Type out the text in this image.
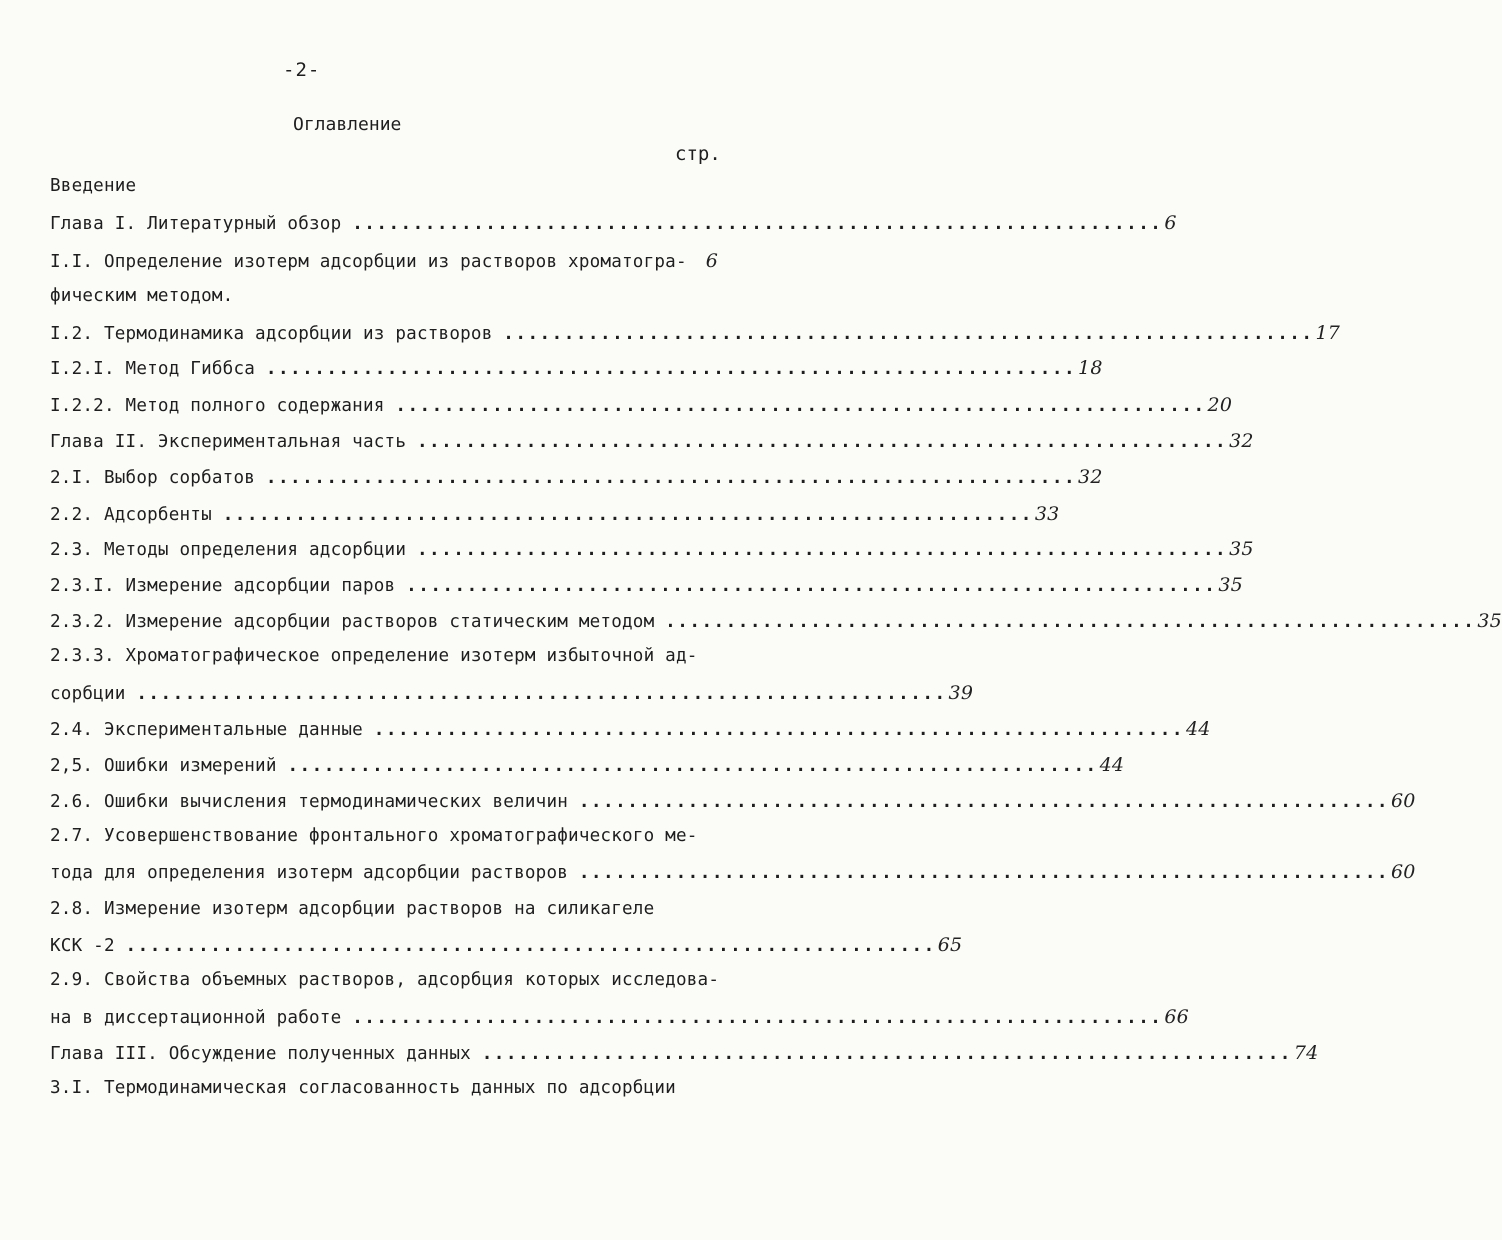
-2-
Оглавление
стр.
Введение
Глава I. Литературный обзор ................................................................... 6
I.I. Определение изотерм адсорбции из растворов хроматогра- 6
фическим методом.
I.2. Термодинамика адсорбции из растворов ................................................................... 17
I.2.I. Метод Гиббса ................................................................... 18
I.2.2. Метод полного содержания ................................................................... 20
Глава II. Экспериментальная часть ................................................................... 32
2.I. Выбор сорбатов ................................................................... 32
2.2. Адсорбенты ................................................................... 33
2.3. Методы определения адсорбции ................................................................... 35
2.3.I. Измерение адсорбции паров ................................................................... 35
2.3.2. Измерение адсорбции растворов статическим методом ................................................................... 35
2.3.3. Хроматографическое определение изотерм избыточной ад-
сорбции ................................................................... 39
2.4. Экспериментальные данные ................................................................... 44
2,5. Ошибки измерений ................................................................... 44
2.6. Ошибки вычисления термодинамических величин ................................................................... 60
2.7. Усовершенствование фронтального хроматографического ме-
тода для определения изотерм адсорбции растворов ................................................................... 60
2.8. Измерение изотерм адсорбции растворов на силикагеле
КСК -2 ................................................................... 65
2.9. Свойства объемных растворов, адсорбция которых исследова-
на в диссертационной работе ................................................................... 66
Глава III. Обсуждение полученных данных ................................................................... 74
3.I. Термодинамическая согласованность данных по адсорбции
